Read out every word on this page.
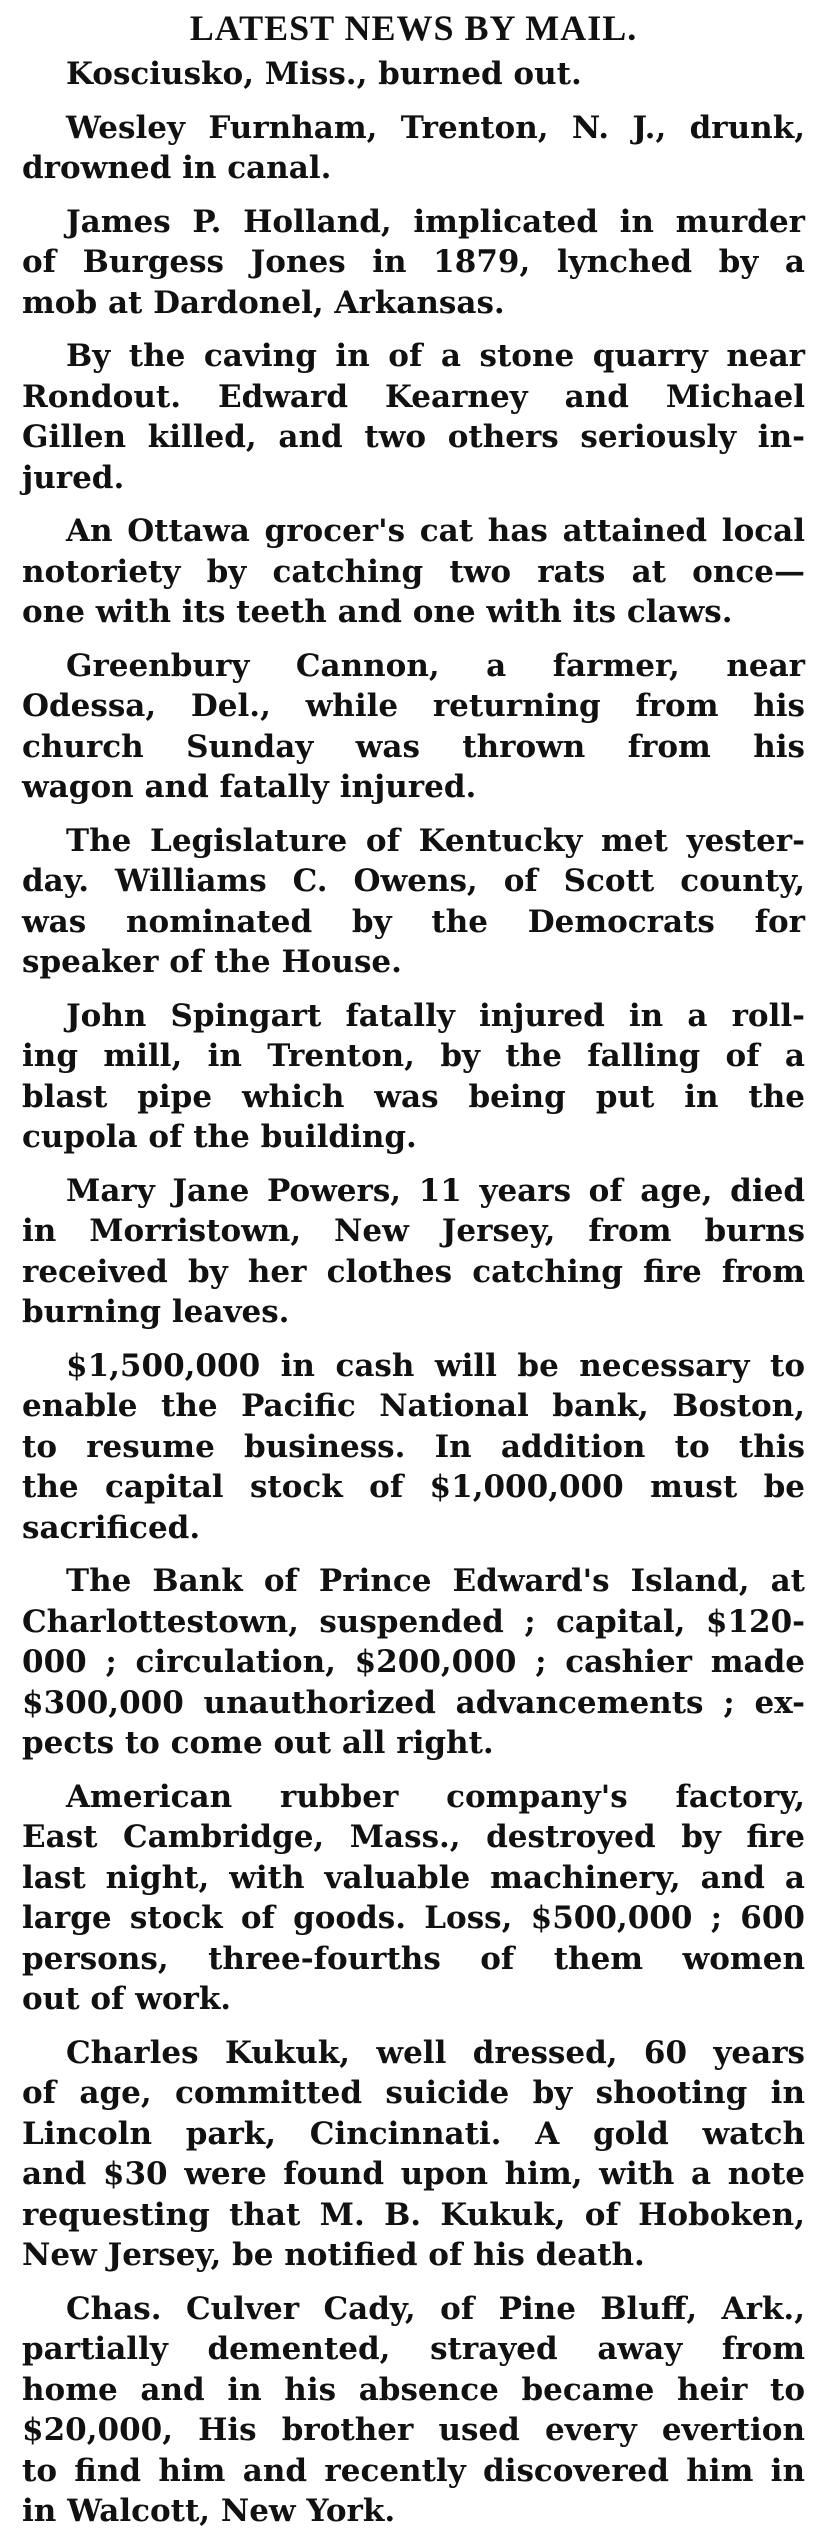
LATEST NEWS BY MAIL.
Kosciusko, Miss., burned out.
Wesley Furnham, Trenton, N. J., drunk,
drowned in canal.
James P. Holland, implicated in murder
of Burgess Jones in 1879, lynched by a
mob at Dardonel, Arkansas.
By the caving in of a stone quarry near
Rondout. Edward Kearney and Michael
Gillen killed, and two others seriously in-
jured.
An Ottawa grocer's cat has attained local
notoriety by catching two rats at once—
one with its teeth and one with its claws.
Greenbury Cannon, a farmer, near
Odessa, Del., while returning from his
church Sunday was thrown from his
wagon and fatally injured.
The Legislature of Kentucky met yester-
day. Williams C. Owens, of Scott county,
was nominated by the Democrats for
speaker of the House.
John Spingart fatally injured in a roll-
ing mill, in Trenton, by the falling of a
blast pipe which was being put in the
cupola of the building.
Mary Jane Powers, 11 years of age, died
in Morristown, New Jersey, from burns
received by her clothes catching fire from
burning leaves.
$1,500,000 in cash will be necessary to
enable the Pacific National bank, Boston,
to resume business. In addition to this
the capital stock of $1,000,000 must be
sacrificed.
The Bank of Prince Edward's Island, at
Charlottestown, suspended ; capital, $120-
000 ; circulation, $200,000 ; cashier made
$300,000 unauthorized advancements ; ex-
pects to come out all right.
American rubber company's factory,
East Cambridge, Mass., destroyed by fire
last night, with valuable machinery, and a
large stock of goods. Loss, $500,000 ; 600
persons, three-fourths of them women
out of work.
Charles Kukuk, well dressed, 60 years
of age, committed suicide by shooting in
Lincoln park, Cincinnati. A gold watch
and $30 were found upon him, with a note
requesting that M. B. Kukuk, of Hoboken,
New Jersey, be notified of his death.
Chas. Culver Cady, of Pine Bluff, Ark.,
partially demented, strayed away from
home and in his absence became heir to
$20,000, His brother used every evertion
to find him and recently discovered him in
in Walcott, New York.
